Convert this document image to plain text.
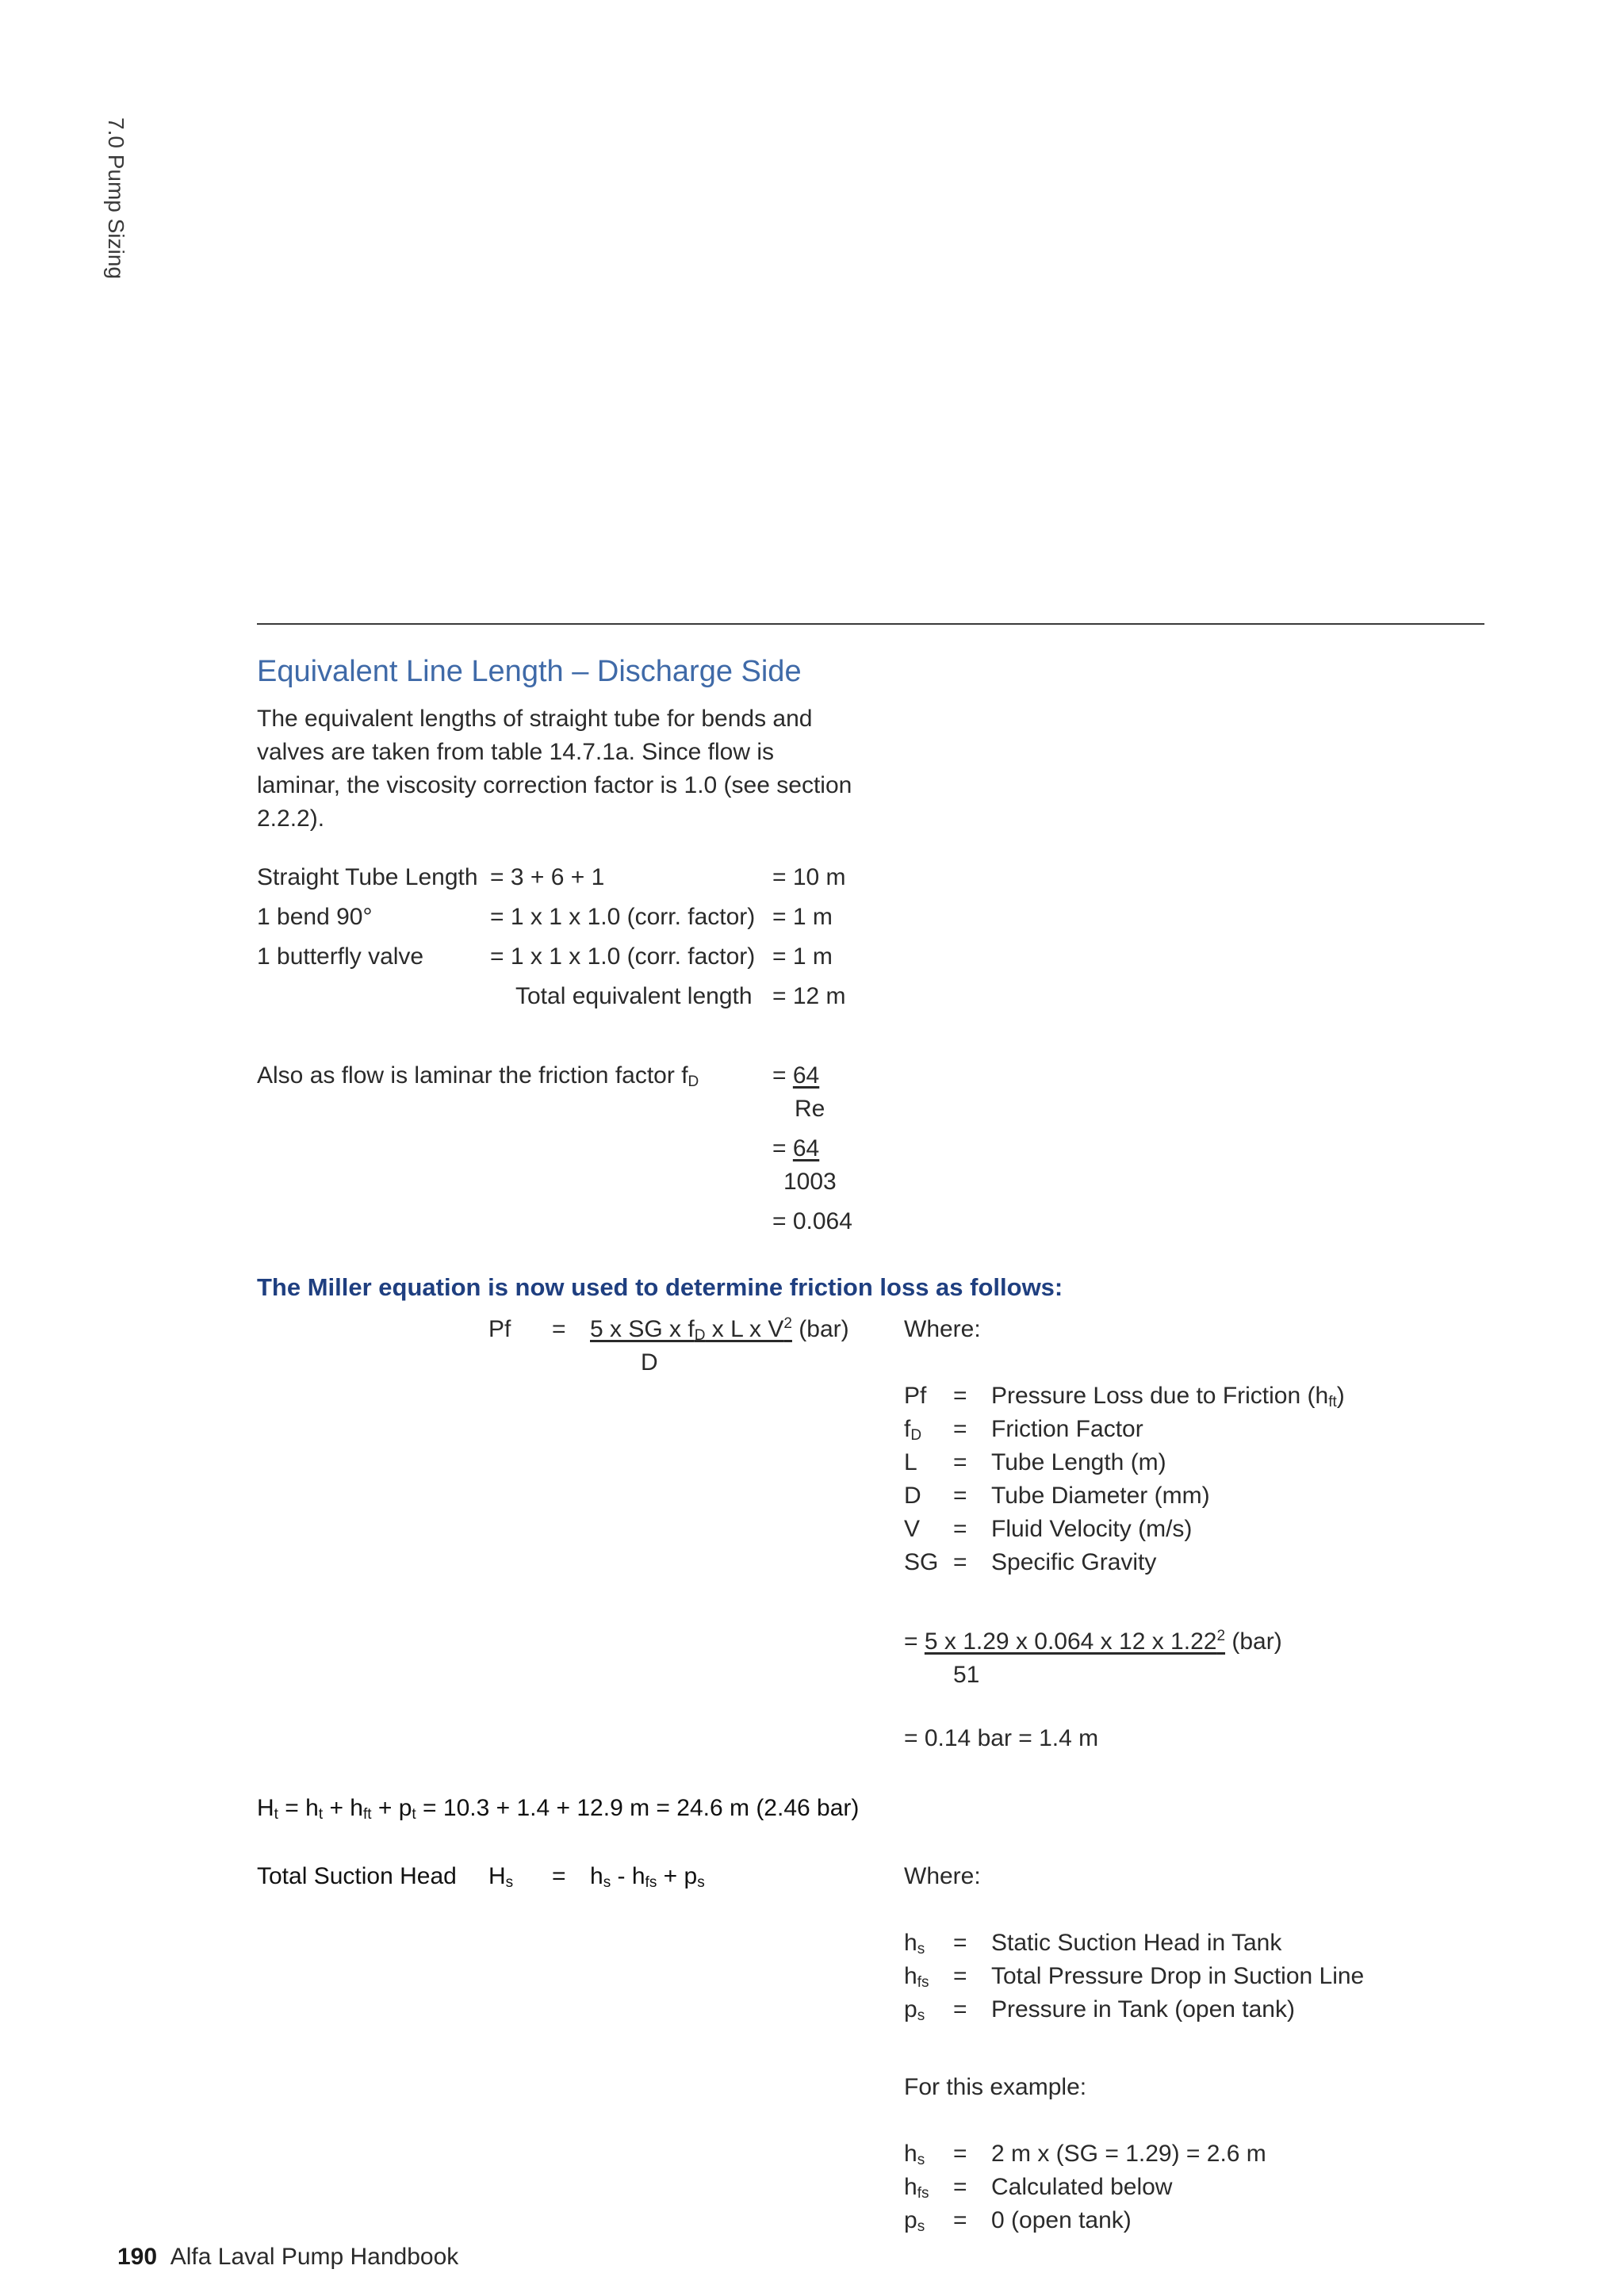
7.0 Pump Sizing
Equivalent Line Length – Discharge Side
The equivalent lengths of straight tube for bends and valves are taken from table 14.7.1a. Since flow is laminar, the viscosity correction factor is 1.0 (see section 2.2.2).
Straight Tube Length = 3 + 6 + 1	= 10 m
1 bend 90°	= 1 x 1 x 1.0 (corr. factor) = 1 m
1 butterfly valve	= 1 x 1 x 1.0 (corr. factor) = 1 m
Total equivalent length = 12 m
Also as flow is laminar the friction factor $f_D$	= 64
Re
= 64
1003
= 0.064
The Miller equation is now used to determine friction loss as follows:
Pf = 5 x SG x $f_D$ x L x $V^2$ (bar)
D
Where:
Pf = Pressure Loss due to Friction $(h_{ft})$
$f_D$ = Friction Factor
L = Tube Length (m)
D = Tube Diameter (mm)
V = Fluid Velocity (m/s)
SG = Specific Gravity
= 5 x 1.29 x 0.064 x 12 x 1.22$^2$ (bar)
51
= 0.14 bar = 1.4 m
$H_t = h_t + h_{ft} + p_t = 10.3 + 1.4 + 12.9$ m = 24.6 m (2.46 bar)
Total Suction Head $H_s = h_s - h_{fs} + p_s$	Where:
$h_s$ = Static Suction Head in Tank
$h_{fs}$ = Total Pressure Drop in Suction Line
$p_s$ = Pressure in Tank (open tank)
For this example:
$h_s = 2$ m x (SG = 1.29) = 2.6 m
$h_{fs}$ = Calculated below
$p_s = 0$ (open tank)
190 Alfa Laval Pump Handbook
